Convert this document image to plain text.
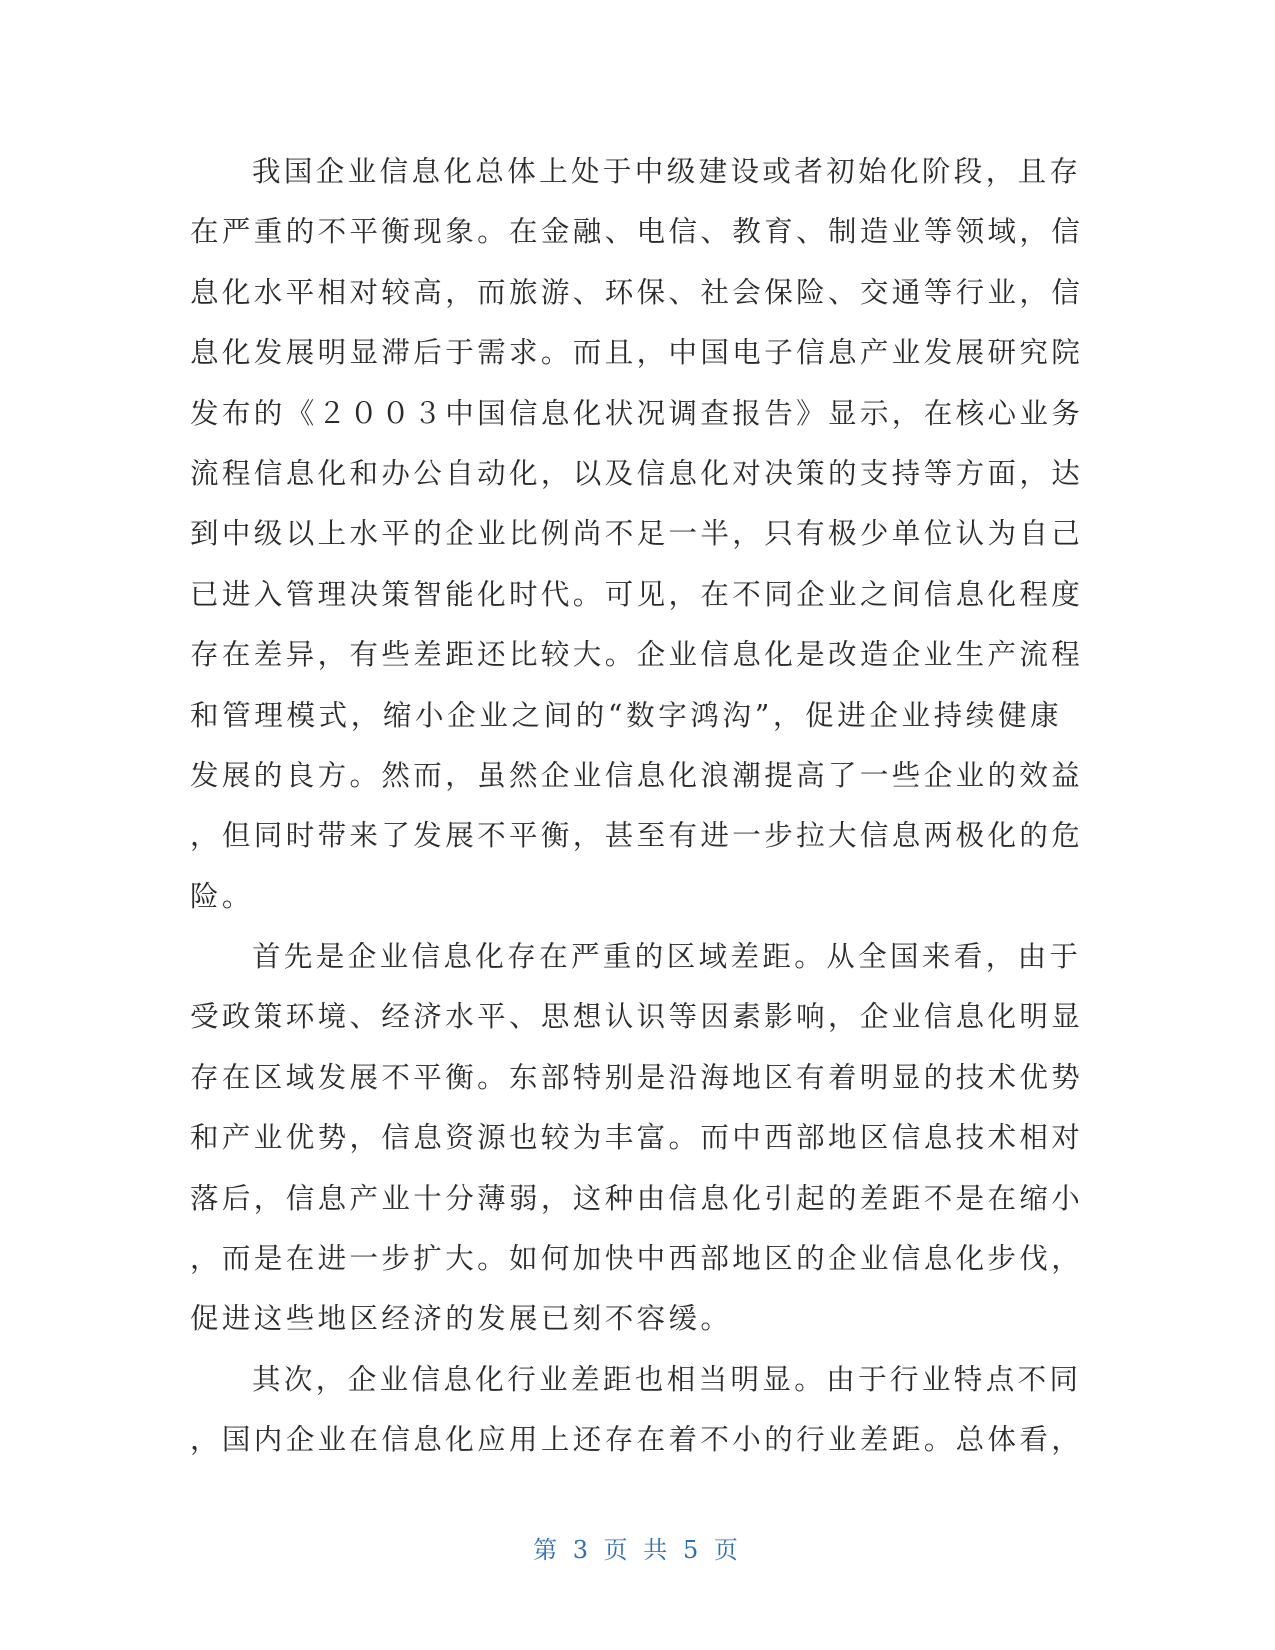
我国企业信息化总体上处于中级建设或者初始化阶段，且存
在严重的不平衡现象。在金融、电信、教育、制造业等领域，信
息化水平相对较高，而旅游、环保、社会保险、交通等行业，信
息化发展明显滞后于需求。而且，中国电子信息产业发展研究院
发布的《２００３中国信息化状况调查报告》显示，在核心业务
流程信息化和办公自动化，以及信息化对决策的支持等方面，达
到中级以上水平的企业比例尚不足一半，只有极少单位认为自己
已进入管理决策智能化时代。可见，在不同企业之间信息化程度
存在差异，有些差距还比较大。企业信息化是改造企业生产流程
和管理模式，缩小企业之间的“数字鸿沟”，促进企业持续健康
发展的良方。然而，虽然企业信息化浪潮提高了一些企业的效益
，但同时带来了发展不平衡，甚至有进一步拉大信息两极化的危
险。
首先是企业信息化存在严重的区域差距。从全国来看，由于
受政策环境、经济水平、思想认识等因素影响，企业信息化明显
存在区域发展不平衡。东部特别是沿海地区有着明显的技术优势
和产业优势，信息资源也较为丰富。而中西部地区信息技术相对
落后，信息产业十分薄弱，这种由信息化引起的差距不是在缩小
，而是在进一步扩大。如何加快中西部地区的企业信息化步伐，
促进这些地区经济的发展已刻不容缓。
其次，企业信息化行业差距也相当明显。由于行业特点不同
，国内企业在信息化应用上还存在着不小的行业差距。总体看，
第 3 页 共 5 页
